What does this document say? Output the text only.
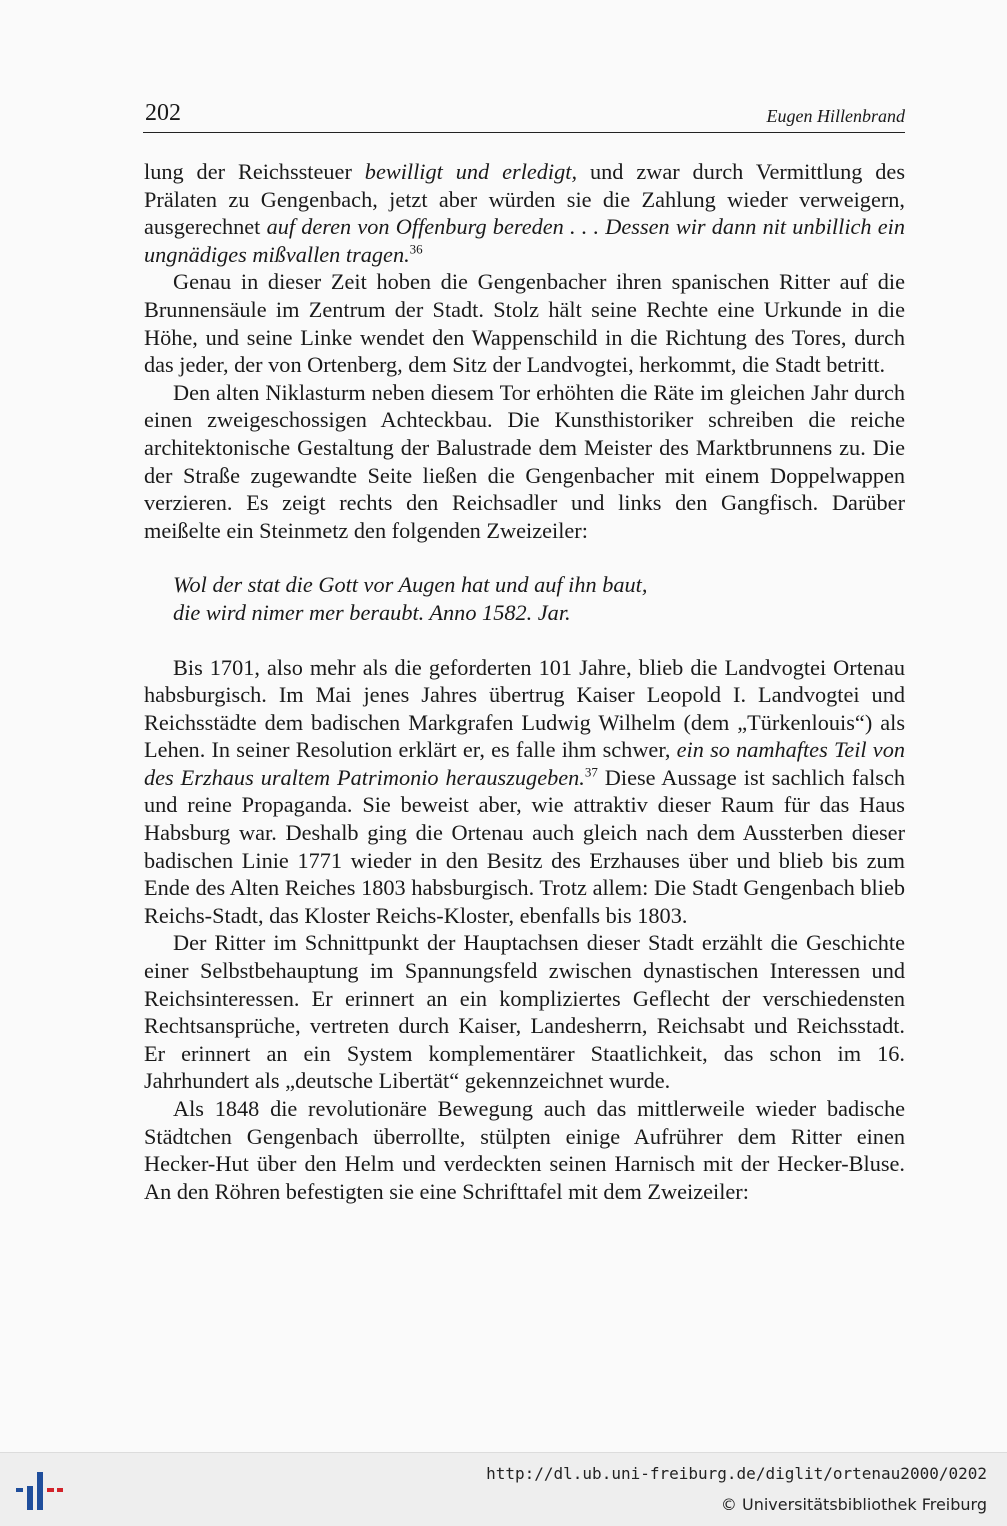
202	Eugen Hillenbrand

lung der Reichssteuer bewilligt und erledigt, und zwar durch Vermittlung des Prälaten zu Gengenbach, jetzt aber würden sie die Zahlung wieder verweigern, ausgerechnet auf deren von Offenburg bereden . . . Dessen wir dann nit unbillich ein ungnädiges mißvallen tragen.$^{36}$

Genau in dieser Zeit hoben die Gengenbacher ihren spanischen Ritter auf die Brunnensäule im Zentrum der Stadt. Stolz hält seine Rechte eine Urkunde in die Höhe, und seine Linke wendet den Wappenschild in die Richtung des Tores, durch das jeder, der von Ortenberg, dem Sitz der Landvogtei, herkommt, die Stadt betritt.

Den alten Niklasturm neben diesem Tor erhöhten die Räte im gleichen Jahr durch einen zweigeschossigen Achteckbau. Die Kunsthistoriker schreiben die reiche architektonische Gestaltung der Balustrade dem Meister des Marktbrunnens zu. Die der Straße zugewandte Seite ließen die Gengenbacher mit einem Doppelwappen verzieren. Es zeigt rechts den Reichsadler und links den Gangfisch. Darüber meißelte ein Steinmetz den folgenden Zweizeiler:

Wol der stat die Gott vor Augen hat und auf ihn baut,
die wird nimer mer beraubt. Anno 1582. Jar.

Bis 1701, also mehr als die geforderten 101 Jahre, blieb die Landvogtei Ortenau habsburgisch. Im Mai jenes Jahres übertrug Kaiser Leopold I. Landvogtei und Reichsstädte dem badischen Markgrafen Ludwig Wilhelm (dem „Türkenlouis“) als Lehen. In seiner Resolution erklärt er, es falle ihm schwer, ein so namhaftes Teil von des Erzhaus uraltem Patrimonio herauszugeben.$^{37}$ Diese Aussage ist sachlich falsch und reine Propaganda. Sie beweist aber, wie attraktiv dieser Raum für das Haus Habsburg war. Deshalb ging die Ortenau auch gleich nach dem Aussterben dieser badischen Linie 1771 wieder in den Besitz des Erzhauses über und blieb bis zum Ende des Alten Reiches 1803 habsburgisch. Trotz allem: Die Stadt Gengenbach blieb Reichs-Stadt, das Kloster Reichs-Kloster, ebenfalls bis 1803.

Der Ritter im Schnittpunkt der Hauptachsen dieser Stadt erzählt die Geschichte einer Selbstbehauptung im Spannungsfeld zwischen dynastischen Interessen und Reichsinteressen. Er erinnert an ein kompliziertes Geflecht der verschiedensten Rechtsansprüche, vertreten durch Kaiser, Landesherrn, Reichsabt und Reichsstadt. Er erinnert an ein System komplementärer Staatlichkeit, das schon im 16. Jahrhundert als „deutsche Libertät“ gekennzeichnet wurde.

Als 1848 die revolutionäre Bewegung auch das mittlerweile wieder badische Städtchen Gengenbach überrollte, stülpten einige Aufrührer dem Ritter einen Hecker-Hut über den Helm und verdeckten seinen Harnisch mit der Hecker-Bluse. An den Röhren befestigten sie eine Schrifttafel mit dem Zweizeiler:

http://dl.ub.uni-freiburg.de/diglit/ortenau2000/0202
© Universitätsbibliothek Freiburg
